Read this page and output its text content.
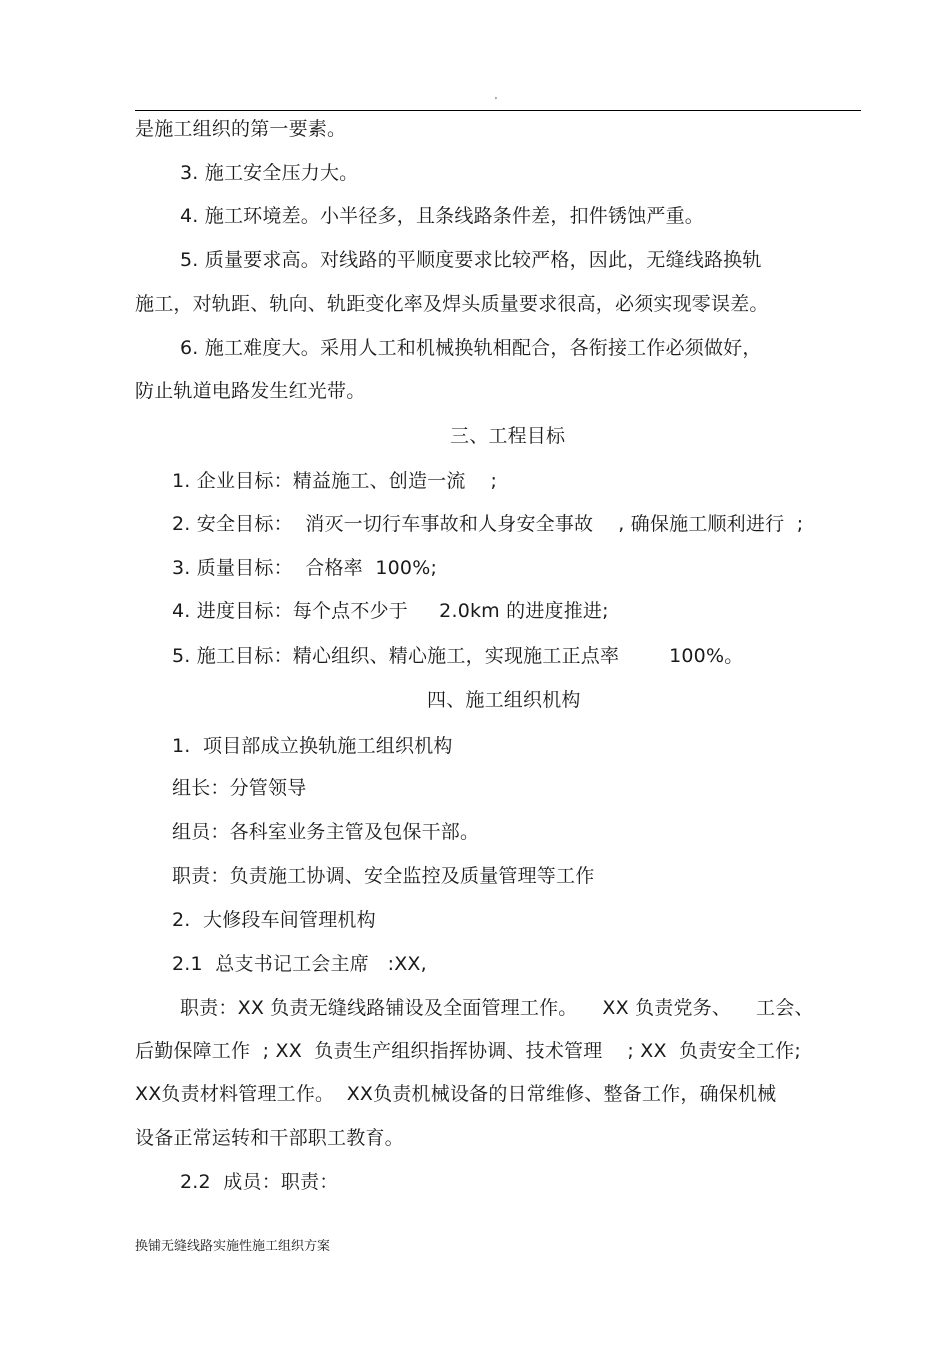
'
是施工组织的第一要素。
3. 施工安全压力大。
4. 施工环境差。小半径多，且条线路条件差，扣件锈蚀严重。
5. 质量要求高。对线路的平顺度要求比较严格，因此，无缝线路换轨
施工，对轨距、轨向、轨距变化率及焊头质量要求很高，必须实现零误差。
6. 施工难度大。采用人工和机械换轨相配合，各衔接工作必须做好，
防止轨道电路发生红光带。
三、工程目标
1. 企业目标：精益施工、创造一流    ;
2. 安全目标：  消灭一切行车事故和人身安全事故    , 确保施工顺利进行  ;
3. 质量目标：  合格率  100%;
4. 进度目标：每个点不少于     2.0km 的进度推进;
5. 施工目标：精心组织、精心施工，实现施工正点率        100%。
四、施工组织机构
1.  项目部成立换轨施工组织机构
组长：分管领导
组员：各科室业务主管及包保干部。
职责：负责施工协调、安全监控及质量管理等工作
2.  大修段车间管理机构
2.1  总支书记工会主席   :XX,
职责：XX 负责无缝线路铺设及全面管理工作。    XX 负责党务、    工会、
后勤保障工作  ; XX  负责生产组织指挥协调、技术管理    ; XX  负责安全工作;
XX负责材料管理工作。  XX负责机械设备的日常维修、整备工作，确保机械
设备正常运转和干部职工教育。
2.2  成员：职责：
换铺无缝线路实施性施工组织方案
